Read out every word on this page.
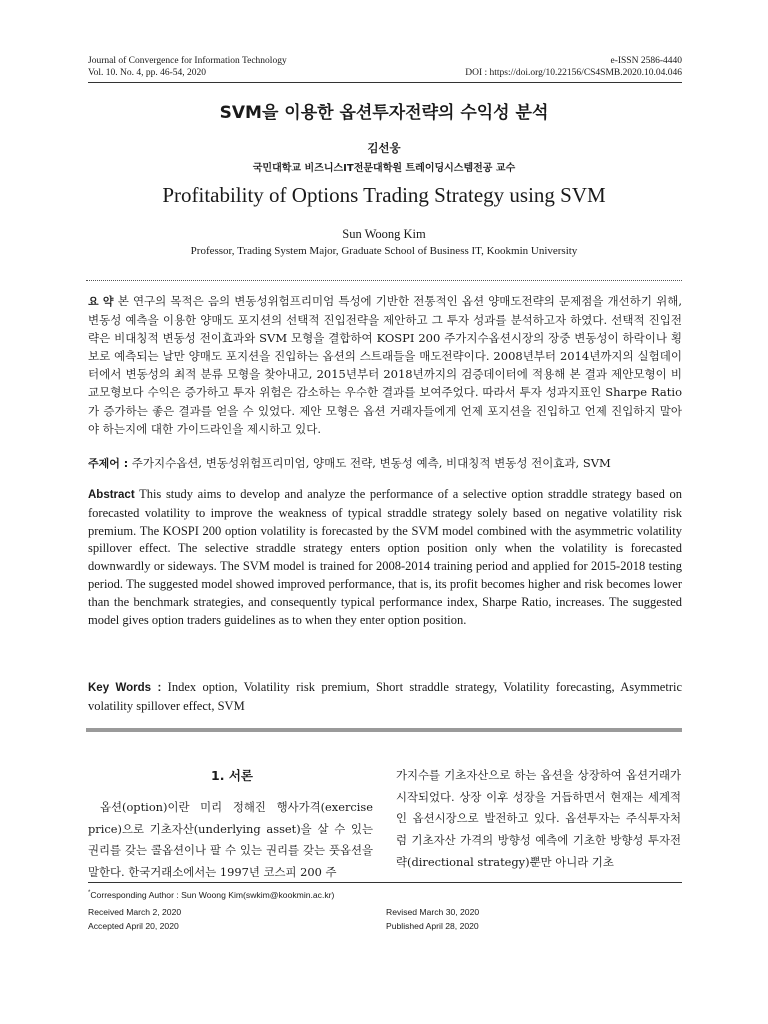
Journal of Convergence for Information Technology
Vol. 10. No. 4, pp. 46-54, 2020
e-ISSN 2586-4440
DOI : https://doi.org/10.22156/CS4SMB.2020.10.04.046
SVM을 이용한 옵션투자전략의 수익성 분석
김선웅
국민대학교 비즈니스IT전문대학원 트레이딩시스템전공 교수
Profitability of Options Trading Strategy using SVM
Sun Woong Kim
Professor, Trading System Major, Graduate School of Business IT, Kookmin University
요 약 본 연구의 목적은 음의 변동성위험프리미엄 특성에 기반한 전통적인 옵션 양매도전략의 문제점을 개선하기 위해, 변동성 예측을 이용한 양매도 포지션의 선택적 진입전략을 제안하고 그 투자 성과를 분석하고자 하였다. 선택적 진입전략은 비대칭적 변동성 전이효과와 SVM 모형을 결합하여 KOSPI 200 주가지수옵션시장의 장중 변동성이 하락이나 횡보로 예측되는 날만 양매도 포지션을 진입하는 옵션의 스트래들을 매도전략이다. 2008년부터 2014년까지의 실험데이터에서 변동성의 최적 분류 모형을 찾아내고, 2015년부터 2018년까지의 검증데이터에 적용해 본 결과 제안모형이 비교모형보다 수익은 증가하고 투자 위험은 감소하는 우수한 결과를 보여주었다. 따라서 투자 성과지표인 Sharpe Ratio가 증가하는 좋은 결과를 얻을 수 있었다. 제안 모형은 옵션 거래자들에게 언제 포지션을 진입하고 언제 진입하지 말아야 하는지에 대한 가이드라인을 제시하고 있다.
주제어 : 주가지수옵션, 변동성위험프리미엄, 양매도 전략, 변동성 예측, 비대칭적 변동성 전이효과, SVM
Abstract This study aims to develop and analyze the performance of a selective option straddle strategy based on forecasted volatility to improve the weakness of typical straddle strategy solely based on negative volatility risk premium. The KOSPI 200 option volatility is forecasted by the SVM model combined with the asymmetric volatility spillover effect. The selective straddle strategy enters option position only when the volatility is forecasted downwardly or sideways. The SVM model is trained for 2008-2014 training period and applied for 2015-2018 testing period. The suggested model showed improved performance, that is, its profit becomes higher and risk becomes lower than the benchmark strategies, and consequently typical performance index, Sharpe Ratio, increases. The suggested model gives option traders guidelines as to when they enter option position.
Key Words : Index option, Volatility risk premium, Short straddle strategy, Volatility forecasting, Asymmetric volatility spillover effect, SVM
1. 서론
옵션(option)이란 미리 정해진 행사가격(exercise price)으로 기초자산(underlying asset)을 살 수 있는 권리를 갖는 콜옵션이나 팔 수 있는 권리를 갖는 풋옵션을 말한다. 한국거래소에서는 1997년 코스피 200 주
가지수를 기초자산으로 하는 옵션을 상장하여 옵션거래가 시작되었다. 상장 이후 성장을 거듭하면서 현재는 세계적인 옵션시장으로 발전하고 있다. 옵션투자는 주식투자처럼 기초자산 가격의 방향성 예측에 기초한 방향성 투자전략(directional strategy)뿐만 아니라 기초
*Corresponding Author : Sun Woong Kim(swkim@kookmin.ac.kr)
Received March 2, 2020	Revised March 30, 2020
Accepted April 20, 2020	Published April 28, 2020
